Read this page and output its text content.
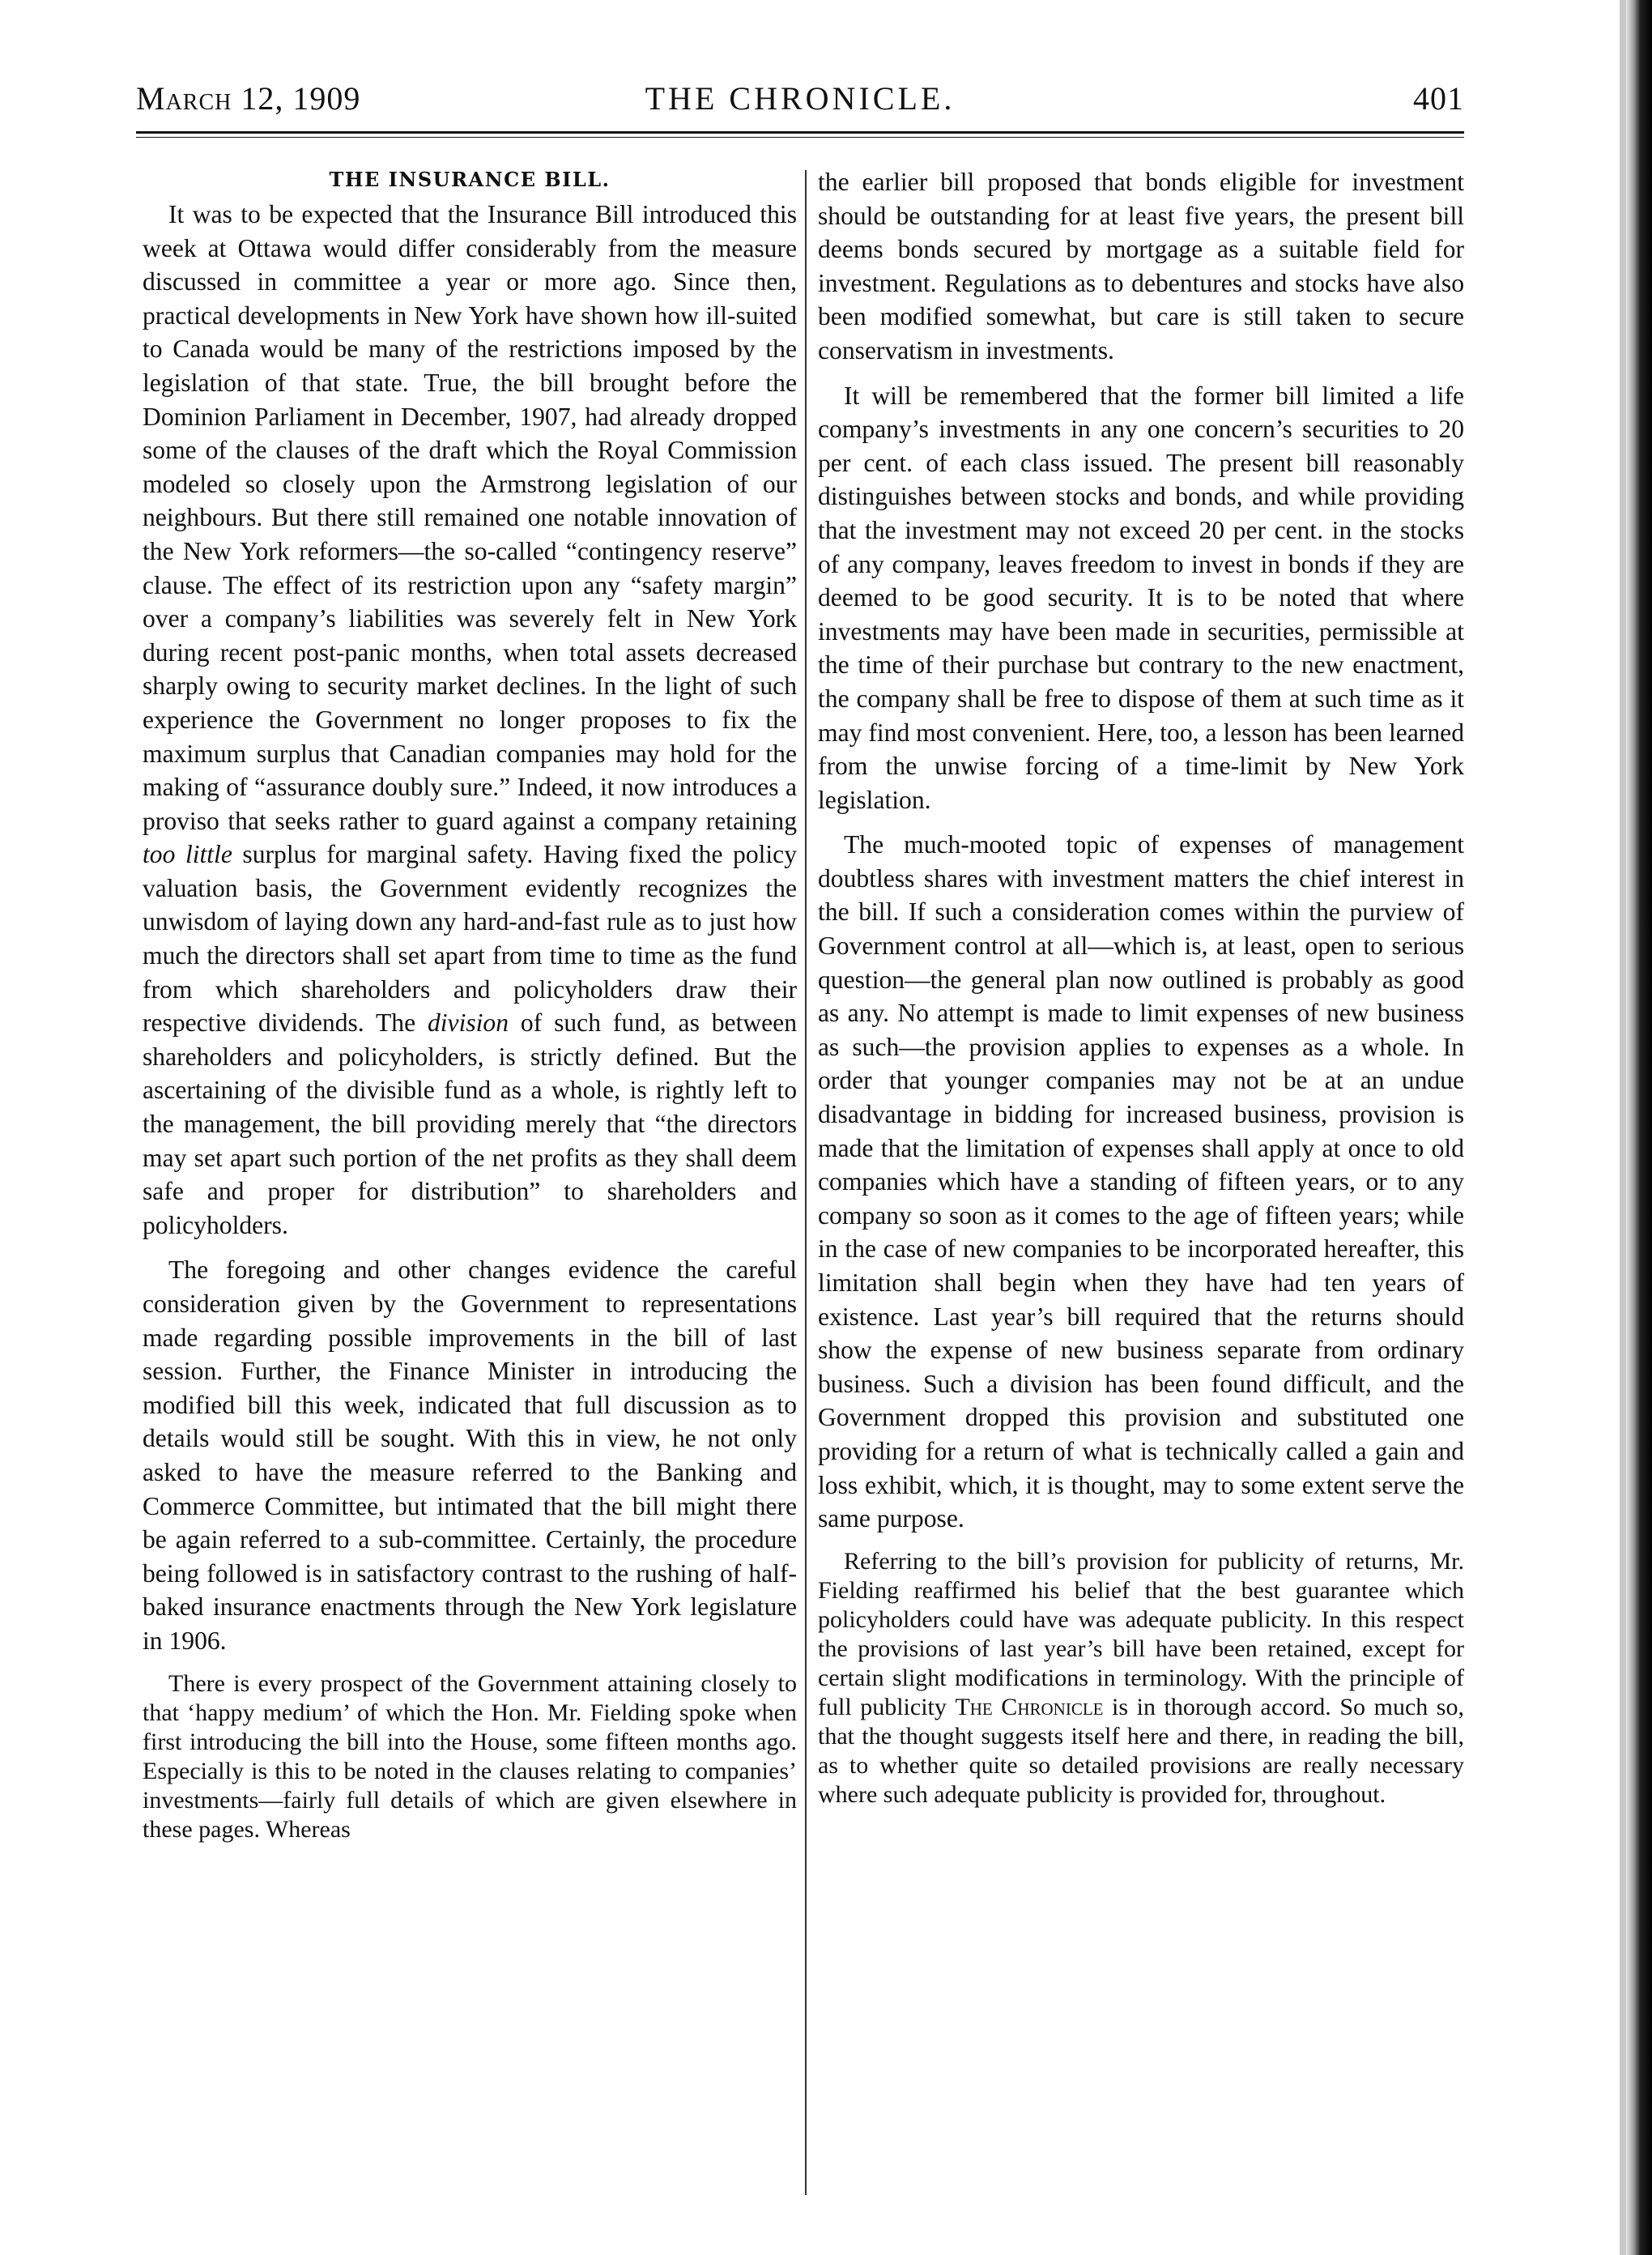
March 12, 1909	THE CHRONICLE.	401
THE INSURANCE BILL.

It was to be expected that the Insurance Bill introduced this week at Ottawa would differ considerably from the measure discussed in committee a year or more ago. Since then, practical developments in New York have shown how ill-suited to Canada would be many of the restrictions imposed by the legislation of that state. True, the bill brought before the Dominion Parliament in December, 1907, had already dropped some of the clauses of the draft which the Royal Commission modeled so closely upon the Armstrong legislation of our neighbours. But there still remained one notable innovation of the New York reformers—the so-called “contingency reserve” clause. The effect of its restriction upon any “safety margin” over a company’s liabilities was severely felt in New York during recent post-panic months, when total assets decreased sharply owing to security market declines. In the light of such experience the Government no longer proposes to fix the maximum surplus that Canadian companies may hold for the making of “assurance doubly sure.” Indeed, it now introduces a proviso that seeks rather to guard against a company retaining too little surplus for marginal safety. Having fixed the policy valuation basis, the Government evidently recognizes the unwisdom of laying down any hard-and-fast rule as to just how much the directors shall set apart from time to time as the fund from which shareholders and policyholders draw their respective dividends. The division of such fund, as between shareholders and policyholders, is strictly defined. But the ascertaining of the divisible fund as a whole, is rightly left to the management, the bill providing merely that “the directors may set apart such portion of the net profits as they shall deem safe and proper for distribution” to shareholders and policyholders.

The foregoing and other changes evidence the careful consideration given by the Government to representations made regarding possible improvements in the bill of last session. Further, the Finance Minister in introducing the modified bill this week, indicated that full discussion as to details would still be sought. With this in view, he not only asked to have the measure referred to the Banking and Commerce Committee, but intimated that the bill might there be again referred to a sub-committee. Certainly, the procedure being followed is in satisfactory contrast to the rushing of half-baked insurance enactments through the New York legislature in 1906.

There is every prospect of the Government attaining closely to that ‘happy medium’ of which the Hon. Mr. Fielding spoke when first introducing the bill into the House, some fifteen months ago. Especially is this to be noted in the clauses relating to companies’ investments—fairly full details of which are given elsewhere in these pages. Whereas

the earlier bill proposed that bonds eligible for investment should be outstanding for at least five years, the present bill deems bonds secured by mortgage as a suitable field for investment. Regulations as to debentures and stocks have also been modified somewhat, but care is still taken to secure conservatism in investments.

It will be remembered that the former bill limited a life company’s investments in any one concern’s securities to 20 per cent. of each class issued. The present bill reasonably distinguishes between stocks and bonds, and while providing that the investment may not exceed 20 per cent. in the stocks of any company, leaves freedom to invest in bonds if they are deemed to be good security. It is to be noted that where investments may have been made in securities, permissible at the time of their purchase but contrary to the new enactment, the company shall be free to dispose of them at such time as it may find most convenient. Here, too, a lesson has been learned from the unwise forcing of a time-limit by New York legislation.

The much-mooted topic of expenses of management doubtless shares with investment matters the chief interest in the bill. If such a consideration comes within the purview of Government control at all—which is, at least, open to serious question—the general plan now outlined is probably as good as any. No attempt is made to limit expenses of new business as such—the provision applies to expenses as a whole. In order that younger companies may not be at an undue disadvantage in bidding for increased business, provision is made that the limitation of expenses shall apply at once to old companies which have a standing of fifteen years, or to any company so soon as it comes to the age of fifteen years; while in the case of new companies to be incorporated hereafter, this limitation shall begin when they have had ten years of existence. Last year’s bill required that the returns should show the expense of new business separate from ordinary business. Such a division has been found difficult, and the Government dropped this provision and substituted one providing for a return of what is technically called a gain and loss exhibit, which, it is thought, may to some extent serve the same purpose.

Referring to the bill’s provision for publicity of returns, Mr. Fielding reaffirmed his belief that the best guarantee which policyholders could have was adequate publicity. In this respect the provisions of last year’s bill have been retained, except for certain slight modifications in terminology. With the principle of full publicity The Chronicle is in thorough accord. So much so, that the thought suggests itself here and there, in reading the bill, as to whether quite so detailed provisions are really necessary where such adequate publicity is provided for, throughout.
